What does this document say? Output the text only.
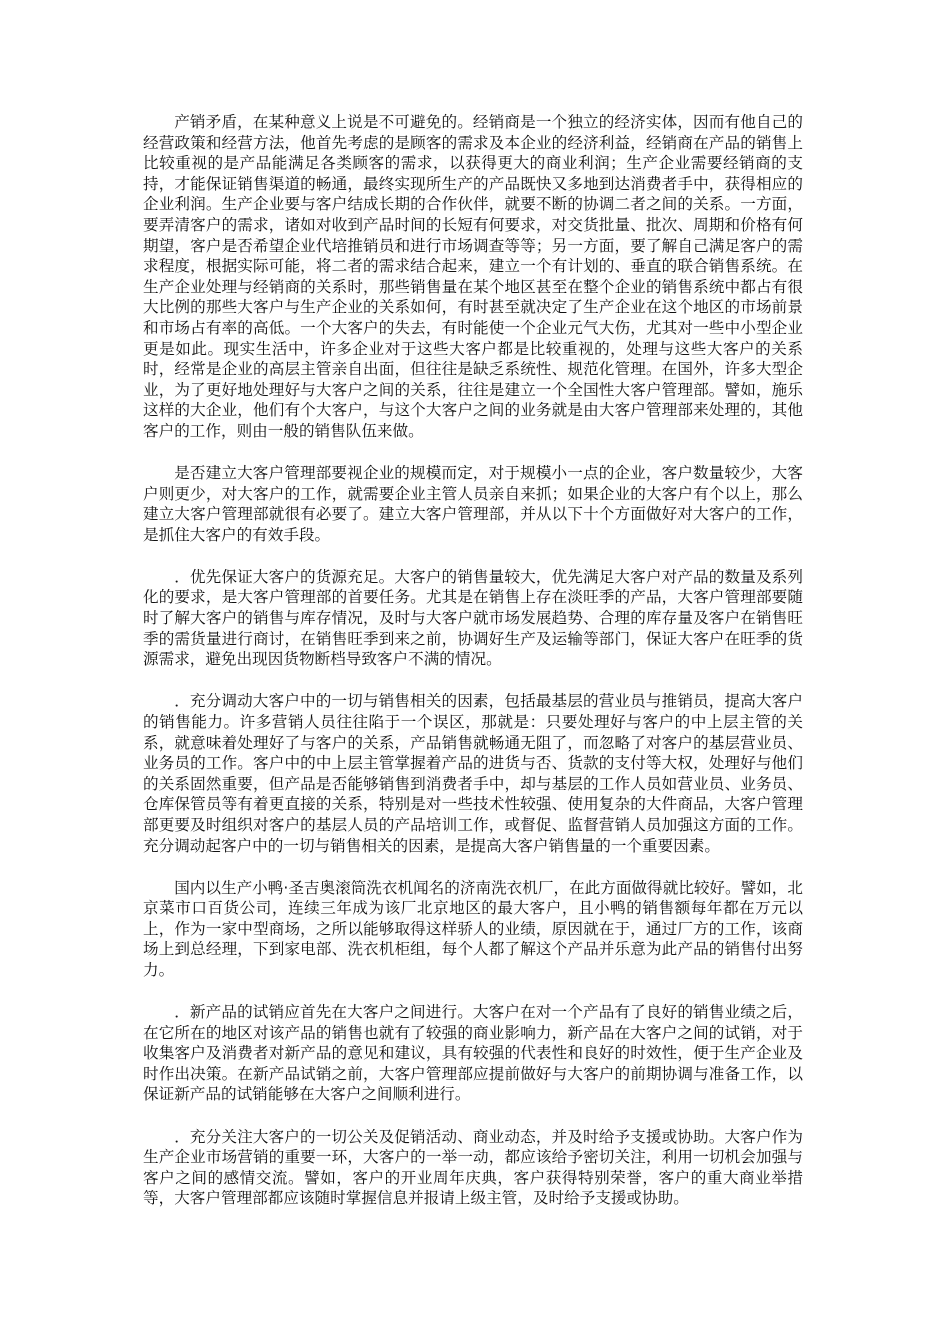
产销矛盾，在某种意义上说是不可避免的。经销商是一个独立的经济实体，因而有他自己的经营政策和经营方法，他首先考虑的是顾客的需求及本企业的经济利益，经销商在产品的销售上比较重视的是产品能满足各类顾客的需求，以获得更大的商业利润；生产企业需要经销商的支持，才能保证销售渠道的畅通，最终实现所生产的产品既快又多地到达消费者手中，获得相应的企业利润。生产企业要与客户结成长期的合作伙伴，就要不断的协调二者之间的关系。一方面，要弄清客户的需求，诸如对收到产品时间的长短有何要求，对交货批量、批次、周期和价格有何期望，客户是否希望企业代培推销员和进行市场调查等等；另一方面，要了解自己满足客户的需求程度，根据实际可能，将二者的需求结合起来，建立一个有计划的、垂直的联合销售系统。在生产企业处理与经销商的关系时，那些销售量在某个地区甚至在整个企业的销售系统中都占有很大比例的那些大客户与生产企业的关系如何，有时甚至就决定了生产企业在这个地区的市场前景和市场占有率的高低。一个大客户的失去，有时能使一个企业元气大伤，尤其对一些中小型企业更是如此。现实生活中，许多企业对于这些大客户都是比较重视的，处理与这些大客户的关系时，经常是企业的高层主管亲自出面，但往往是缺乏系统性、规范化管理。在国外，许多大型企业，为了更好地处理好与大客户之间的关系，往往是建立一个全国性大客户管理部。譬如，施乐这样的大企业，他们有个大客户，与这个大客户之间的业务就是由大客户管理部来处理的，其他客户的工作，则由一般的销售队伍来做。

是否建立大客户管理部要视企业的规模而定，对于规模小一点的企业，客户数量较少，大客户则更少，对大客户的工作，就需要企业主管人员亲自来抓；如果企业的大客户有个以上，那么建立大客户管理部就很有必要了。建立大客户管理部，并从以下十个方面做好对大客户的工作，是抓住大客户的有效手段。

．优先保证大客户的货源充足。大客户的销售量较大，优先满足大客户对产品的数量及系列化的要求，是大客户管理部的首要任务。尤其是在销售上存在淡旺季的产品，大客户管理部要随时了解大客户的销售与库存情况，及时与大客户就市场发展趋势、合理的库存量及客户在销售旺季的需货量进行商讨，在销售旺季到来之前，协调好生产及运输等部门，保证大客户在旺季的货源需求，避免出现因货物断档导致客户不满的情况。

．充分调动大客户中的一切与销售相关的因素，包括最基层的营业员与推销员，提高大客户的销售能力。许多营销人员往往陷于一个误区，那就是：只要处理好与客户的中上层主管的关系，就意味着处理好了与客户的关系，产品销售就畅通无阻了，而忽略了对客户的基层营业员、业务员的工作。客户中的中上层主管掌握着产品的进货与否、货款的支付等大权，处理好与他们的关系固然重要，但产品是否能够销售到消费者手中，却与基层的工作人员如营业员、业务员、仓库保管员等有着更直接的关系，特别是对一些技术性较强、使用复杂的大件商品，大客户管理部更要及时组织对客户的基层人员的产品培训工作，或督促、监督营销人员加强这方面的工作。充分调动起客户中的一切与销售相关的因素，是提高大客户销售量的一个重要因素。

国内以生产小鸭·圣吉奥滚筒洗衣机闻名的济南洗衣机厂，在此方面做得就比较好。譬如，北京菜市口百货公司，连续三年成为该厂北京地区的最大客户，且小鸭的销售额每年都在万元以上，作为一家中型商场，之所以能够取得这样骄人的业绩，原因就在于，通过厂方的工作，该商场上到总经理，下到家电部、洗衣机柜组，每个人都了解这个产品并乐意为此产品的销售付出努力。

．新产品的试销应首先在大客户之间进行。大客户在对一个产品有了良好的销售业绩之后，在它所在的地区对该产品的销售也就有了较强的商业影响力，新产品在大客户之间的试销，对于收集客户及消费者对新产品的意见和建议，具有较强的代表性和良好的时效性，便于生产企业及时作出决策。在新产品试销之前，大客户管理部应提前做好与大客户的前期协调与准备工作，以保证新产品的试销能够在大客户之间顺利进行。

．充分关注大客户的一切公关及促销活动、商业动态，并及时给予支援或协助。大客户作为生产企业市场营销的重要一环，大客户的一举一动，都应该给予密切关注，利用一切机会加强与客户之间的感情交流。譬如，客户的开业周年庆典，客户获得特别荣誉，客户的重大商业举措等，大客户管理部都应该随时掌握信息并报请上级主管，及时给予支援或协助。
